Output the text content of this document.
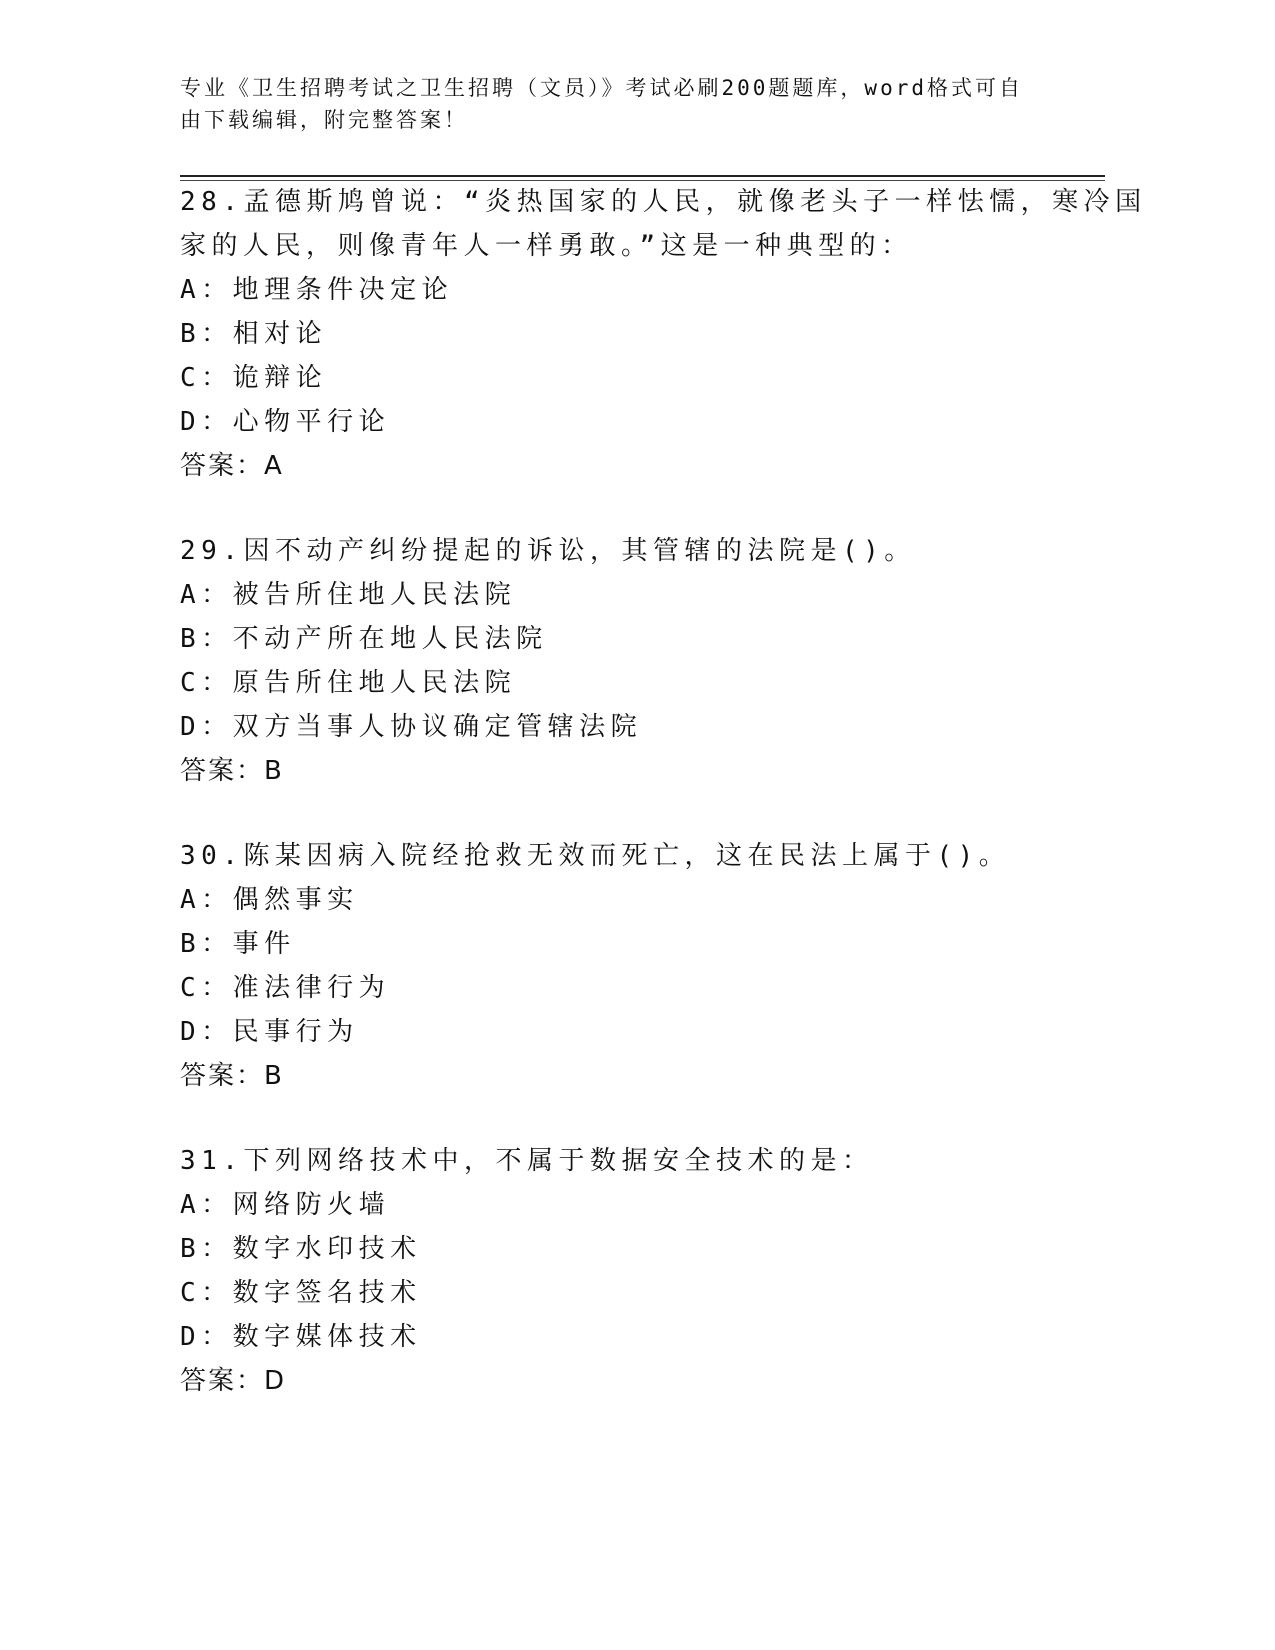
专业《卫生招聘考试之卫生招聘（文员）》考试必刷200题题库，word格式可自
由下载编辑，附完整答案！
28.孟德斯鸠曾说：“炎热国家的人民，就像老头子一样怯懦，寒冷国
家的人民，则像青年人一样勇敢。”这是一种典型的：
A：地理条件决定论
B：相对论
C：诡辩论
D：心物平行论
答案：A
29.因不动产纠纷提起的诉讼，其管辖的法院是()。
A：被告所住地人民法院
B：不动产所在地人民法院
C：原告所住地人民法院
D：双方当事人协议确定管辖法院
答案：B
30.陈某因病入院经抢救无效而死亡，这在民法上属于()。
A：偶然事实
B：事件
C：准法律行为
D：民事行为
答案：B
31.下列网络技术中，不属于数据安全技术的是：
A：网络防火墙
B：数字水印技术
C：数字签名技术
D：数字媒体技术
答案：D
